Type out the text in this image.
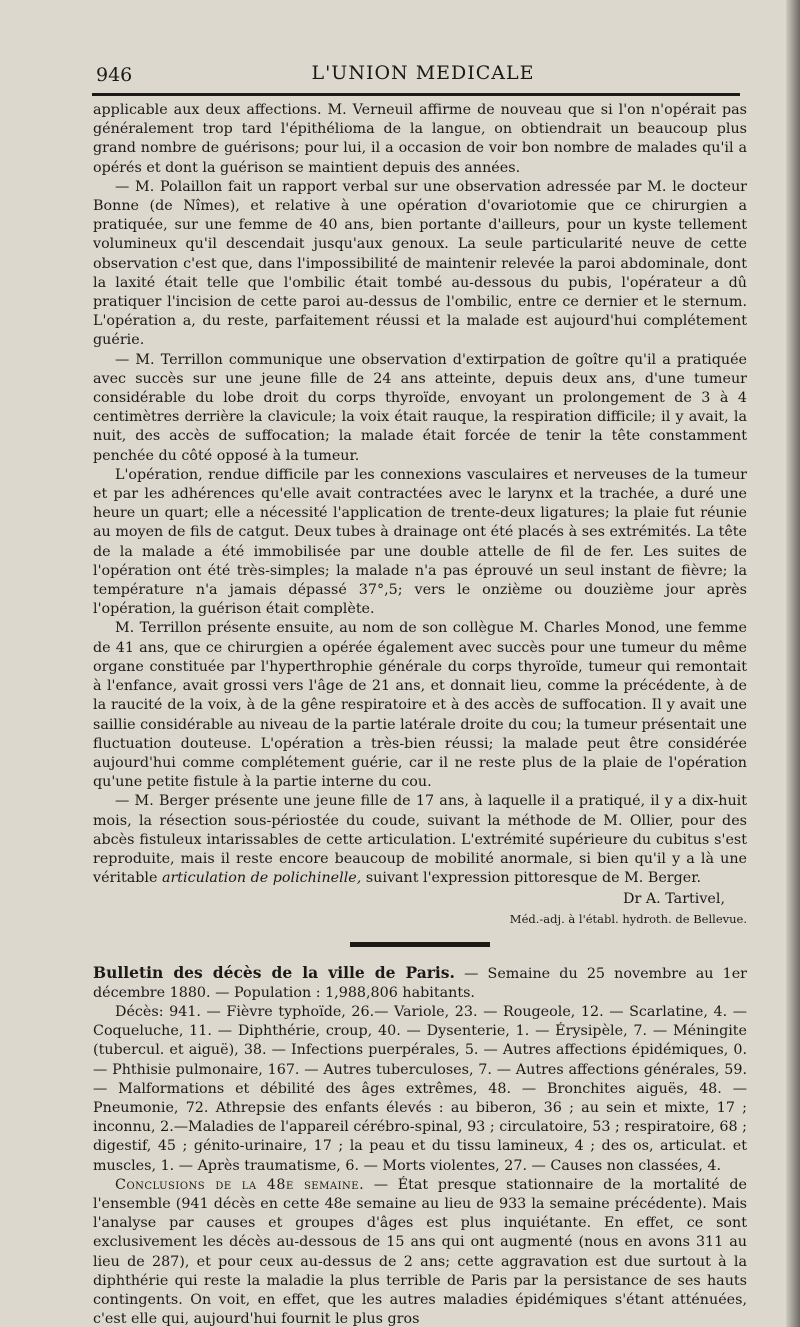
946	L'UNION MEDICALE

applicable aux deux affections. M. Verneuil affirme de nouveau que si l'on n'opérait pas généralement trop tard l'épithélioma de la langue, on obtiendrait un beaucoup plus grand nombre de guérisons; pour lui, il a occasion de voir bon nombre de malades qu'il a opérés et dont la guérison se maintient depuis des années.

— M. Polaillon fait un rapport verbal sur une observation adressée par M. le docteur Bonne (de Nîmes), et relative à une opération d'ovariotomie que ce chirurgien a pratiquée, sur une femme de 40 ans, bien portante d'ailleurs, pour un kyste tellement volumineux qu'il descendait jusqu'aux genoux. La seule particularité neuve de cette observation c'est que, dans l'impossibilité de maintenir relevée la paroi abdominale, dont la laxité était telle que l'ombilic était tombé au-dessous du pubis, l'opérateur a dû pratiquer l'incision de cette paroi au-dessus de l'ombilic, entre ce dernier et le sternum. L'opération a, du reste, parfaitement réussi et la malade est aujourd'hui complétement guérie.

— M. Terrillon communique une observation d'extirpation de goître qu'il a pratiquée avec succès sur une jeune fille de 24 ans atteinte, depuis deux ans, d'une tumeur considérable du lobe droit du corps thyroïde, envoyant un prolongement de 3 à 4 centimètres derrière la clavicule; la voix était rauque, la respiration difficile; il y avait, la nuit, des accès de suffocation; la malade était forcée de tenir la tête constamment penchée du côté opposé à la tumeur.

L'opération, rendue difficile par les connexions vasculaires et nerveuses de la tumeur et par les adhérences qu'elle avait contractées avec le larynx et la trachée, a duré une heure un quart; elle a nécessité l'application de trente-deux ligatures; la plaie fut réunie au moyen de fils de catgut. Deux tubes à drainage ont été placés à ses extrémités. La tête de la malade a été immobilisée par une double attelle de fil de fer. Les suites de l'opération ont été très-simples; la malade n'a pas éprouvé un seul instant de fièvre; la température n'a jamais dépassé 37°,5; vers le onzième ou douzième jour après l'opération, la guérison était complète.

M. Terrillon présente ensuite, au nom de son collègue M. Charles Monod, une femme de 41 ans, que ce chirurgien a opérée également avec succès pour une tumeur du même organe constituée par l'hyperthrophie générale du corps thyroïde, tumeur qui remontait à l'enfance, avait grossi vers l'âge de 21 ans, et donnait lieu, comme la précédente, à de la raucité de la voix, à de la gêne respiratoire et à des accès de suffocation. Il y avait une saillie considérable au niveau de la partie latérale droite du cou; la tumeur présentait une fluctuation douteuse. L'opération a très-bien réussi; la malade peut être considérée aujourd'hui comme complétement guérie, car il ne reste plus de la plaie de l'opération qu'une petite fistule à la partie interne du cou.

— M. Berger présente une jeune fille de 17 ans, à laquelle il a pratiqué, il y a dix-huit mois, la résection sous-périostée du coude, suivant la méthode de M. Ollier, pour des abcès fistuleux intarissables de cette articulation. L'extrémité supérieure du cubitus s'est reproduite, mais il reste encore beaucoup de mobilité anormale, si bien qu'il y a là une véritable articulation de polichinelle, suivant l'expression pittoresque de M. Berger.

Dr A. Tartivel,
Méd.-adj. à l'établ. hydroth. de Bellevue.

Bulletin des décès de la ville de Paris. — Semaine du 25 novembre au 1er décembre 1880. — Population : 1,988,806 habitants.

Décès: 941. — Fièvre typhoïde, 26.— Variole, 23. — Rougeole, 12. — Scarlatine, 4. — Coqueluche, 11. — Diphthérie, croup, 40. — Dysenterie, 1. — Érysipèle, 7. — Méningite (tubercul. et aiguë), 38. — Infections puerpérales, 5. — Autres affections épidémiques, 0. — Phthisie pulmonaire, 167. — Autres tuberculoses, 7. — Autres affections générales, 59. — Malformations et débilité des âges extrêmes, 48. — Bronchites aiguës, 48. — Pneumonie, 72. Athrepsie des enfants élevés : au biberon, 36 ; au sein et mixte, 17 ; inconnu, 2.—Maladies de l'appareil cérébro-spinal, 93 ; circulatoire, 53 ; respiratoire, 68 ; digestif, 45 ; génito-urinaire, 17 ; la peau et du tissu lamineux, 4 ; des os, articulat. et muscles, 1. — Après traumatisme, 6. — Morts violentes, 27. — Causes non classées, 4.

Conclusions de la 48e semaine. — État presque stationnaire de la mortalité de l'ensemble (941 décès en cette 48e semaine au lieu de 933 la semaine précédente). Mais l'analyse par causes et groupes d'âges est plus inquiétante. En effet, ce sont exclusivement les décès au-dessous de 15 ans qui ont augmenté (nous en avons 311 au lieu de 287), et pour ceux au-dessus de 2 ans; cette aggravation est due surtout à la diphthérie qui reste la maladie la plus terrible de Paris par la persistance de ses hauts contingents. On voit, en effet, que les autres maladies épidémiques s'étant atténuées, c'est elle qui, aujourd'hui fournit le plus gros
